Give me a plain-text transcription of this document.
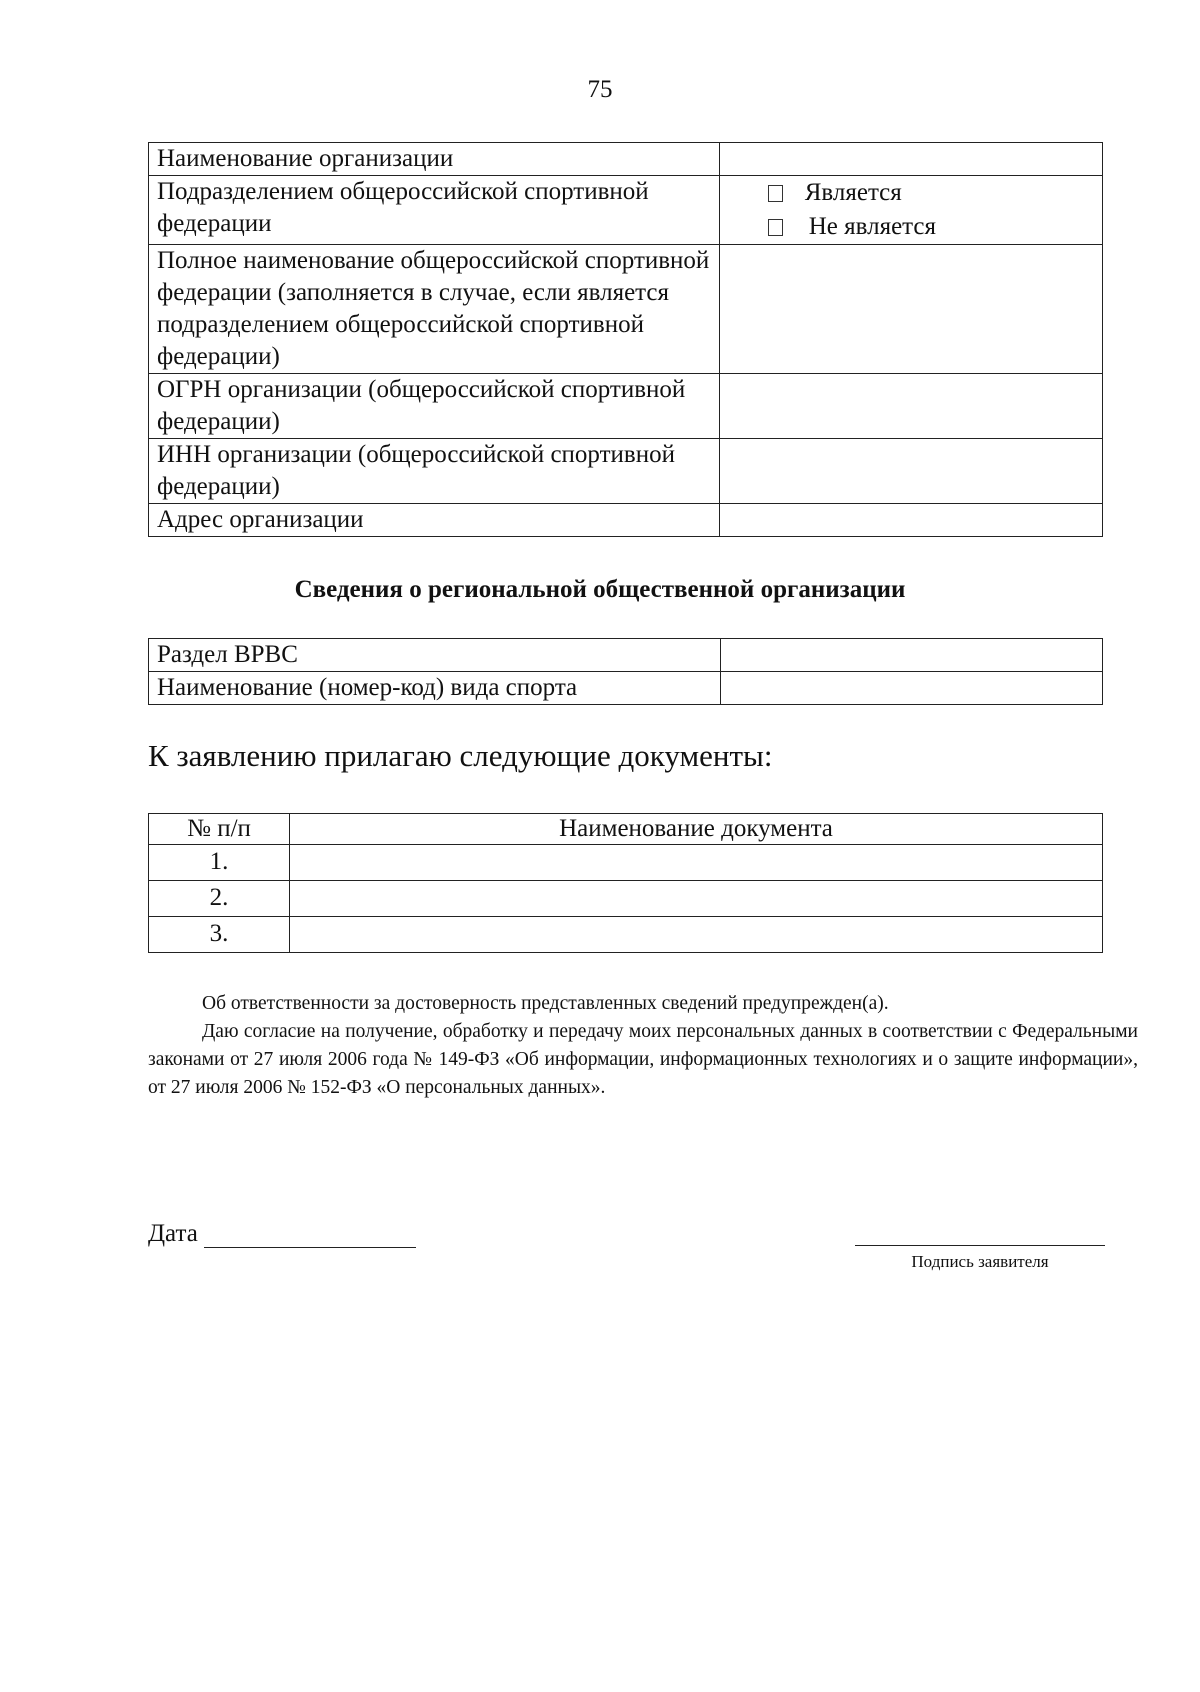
75
Наименование организации	
Подразделением общероссийской спортивной федерации	Является
Не является

Полное наименование общероссийской спортивной федерации (заполняется в случае, если является подразделением общероссийской спортивной федерации)	
ОГРН организации (общероссийской спортивной федерации)	
ИНН организации (общероссийской спортивной федерации)	
Адрес организации	
Сведения о региональной общественной организации
Раздел ВРВС	
Наименование (номер-код) вида спорта	
К заявлению прилагаю следующие документы:
№ п/п	Наименование документа
1.	
2.	
3.	

Об ответственности за достоверность представленных сведений предупрежден(а).

Даю согласие на получение, обработку и передачу моих персональных данных в соответствии с Федеральными законами от 27 июля 2006 года № 149-ФЗ «Об информации, информационных технологиях и о защите информации», от 27 июля 2006 № 152-ФЗ «О персональных данных».

Дата
Подпись заявителя
